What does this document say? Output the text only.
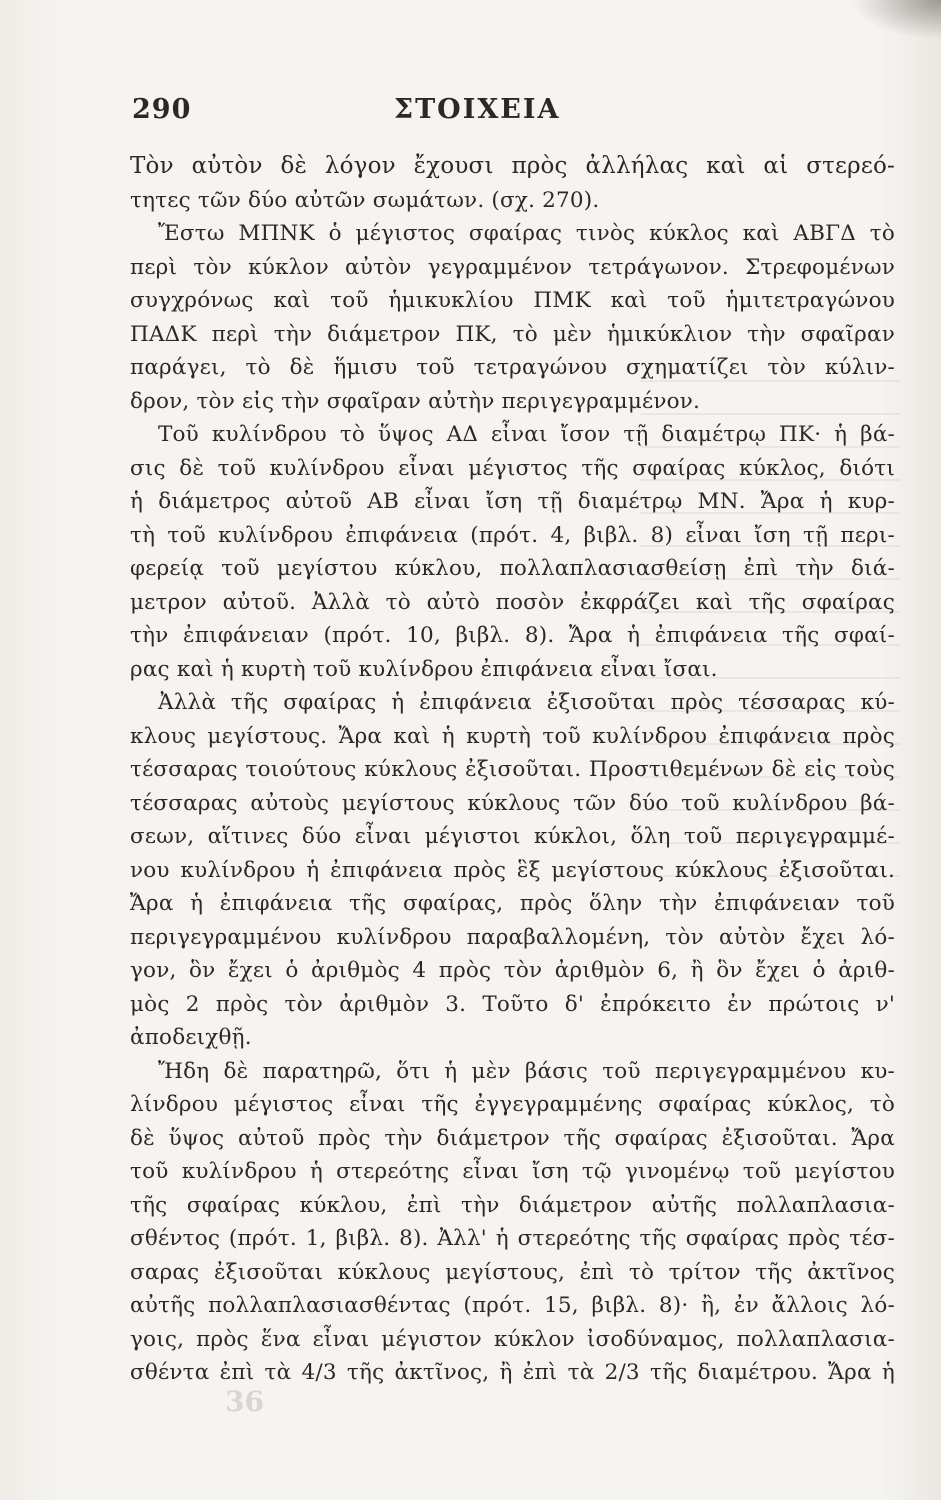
290	ΣΤΟΙΧΕΙΑ
Τὸν αὐτὸν δὲ λόγον ἔχουσι πρὸς ἀλλήλας καὶ αἱ στερεό-
τητες τῶν δύο αὐτῶν σωμάτων. (σχ. 270).
Ἔστω ΜΠΝΚ ὁ μέγιστος σφαίρας τινὸς κύκλος καὶ ΑΒΓΔ τὸ
περὶ τὸν κύκλον αὐτὸν γεγραμμένον τετράγωνον. Στρεφομένων
συγχρόνως καὶ τοῦ ἡμικυκλίου ΠΜΚ καὶ τοῦ ἡμιτετραγώνου
ΠΑΔΚ περὶ τὴν διάμετρον ΠΚ, τὸ μὲν ἡμικύκλιον τὴν σφαῖραν
παράγει, τὸ δὲ ἥμισυ τοῦ τετραγώνου σχηματίζει τὸν κύλιν-
δρον, τὸν εἰς τὴν σφαῖραν αὐτὴν περιγεγραμμένον.
Τοῦ κυλίνδρου τὸ ὕψος ΑΔ εἶναι ἴσον τῇ διαμέτρῳ ΠΚ· ἡ βά-
σις δὲ τοῦ κυλίνδρου εἶναι μέγιστος τῆς σφαίρας κύκλος, διότι
ἡ διάμετρος αὐτοῦ ΑΒ εἶναι ἴση τῇ διαμέτρῳ ΜΝ. Ἄρα ἡ κυρ-
τὴ τοῦ κυλίνδρου ἐπιφάνεια (πρότ. 4, βιβλ. 8) εἶναι ἴση τῇ περι-
φερείᾳ τοῦ μεγίστου κύκλου, πολλαπλασιασθείσῃ ἐπὶ τὴν διά-
μετρον αὐτοῦ. Ἀλλὰ τὸ αὐτὸ ποσὸν ἐκφράζει καὶ τῆς σφαίρας
τὴν ἐπιφάνειαν (πρότ. 10, βιβλ. 8). Ἄρα ἡ ἐπιφάνεια τῆς σφαί-
ρας καὶ ἡ κυρτὴ τοῦ κυλίνδρου ἐπιφάνεια εἶναι ἴσαι.
Ἀλλὰ τῆς σφαίρας ἡ ἐπιφάνεια ἐξισοῦται πρὸς τέσσαρας κύ-
κλους μεγίστους. Ἄρα καὶ ἡ κυρτὴ τοῦ κυλίνδρου ἐπιφάνεια πρὸς
τέσσαρας τοιούτους κύκλους ἐξισοῦται. Προστιθεμένων δὲ εἰς τοὺς
τέσσαρας αὐτοὺς μεγίστους κύκλους τῶν δύο τοῦ κυλίνδρου βά-
σεων, αἵτινες δύο εἶναι μέγιστοι κύκλοι, ὅλη τοῦ περιγεγραμμέ-
νου κυλίνδρου ἡ ἐπιφάνεια πρὸς ἓξ μεγίστους κύκλους ἐξισοῦται.
Ἄρα ἡ ἐπιφάνεια τῆς σφαίρας, πρὸς ὅλην τὴν ἐπιφάνειαν τοῦ
περιγεγραμμένου κυλίνδρου παραβαλλομένη, τὸν αὐτὸν ἔχει λό-
γον, ὃν ἔχει ὁ ἀριθμὸς 4 πρὸς τὸν ἀριθμὸν 6, ἢ ὃν ἔχει ὁ ἀριθ-
μὸς 2 πρὸς τὸν ἀριθμὸν 3. Τοῦτο δ' ἐπρόκειτο ἐν πρώτοις ν'
ἀποδειχθῇ.
Ἤδη δὲ παρατηρῶ, ὅτι ἡ μὲν βάσις τοῦ περιγεγραμμένου κυ-
λίνδρου μέγιστος εἶναι τῆς ἐγγεγραμμένης σφαίρας κύκλος, τὸ
δὲ ὕψος αὐτοῦ πρὸς τὴν διάμετρον τῆς σφαίρας ἐξισοῦται. Ἄρα
τοῦ κυλίνδρου ἡ στερεότης εἶναι ἴση τῷ γινομένῳ τοῦ μεγίστου
τῆς σφαίρας κύκλου, ἐπὶ τὴν διάμετρον αὐτῆς πολλαπλασια-
σθέντος (πρότ. 1, βιβλ. 8). Ἀλλ' ἡ στερεότης τῆς σφαίρας πρὸς τέσ-
σαρας ἐξισοῦται κύκλους μεγίστους, ἐπὶ τὸ τρίτον τῆς ἀκτῖνος
αὐτῆς πολλαπλασιασθέντας (πρότ. 15, βιβλ. 8)· ἢ, ἐν ἄλλοις λό-
γοις, πρὸς ἕνα εἶναι μέγιστον κύκλον ἰσοδύναμος, πολλαπλασια-
σθέντα ἐπὶ τὰ 4/3 τῆς ἀκτῖνος, ἢ ἐπὶ τὰ 2/3 τῆς διαμέτρου. Ἄρα ἡ
36
